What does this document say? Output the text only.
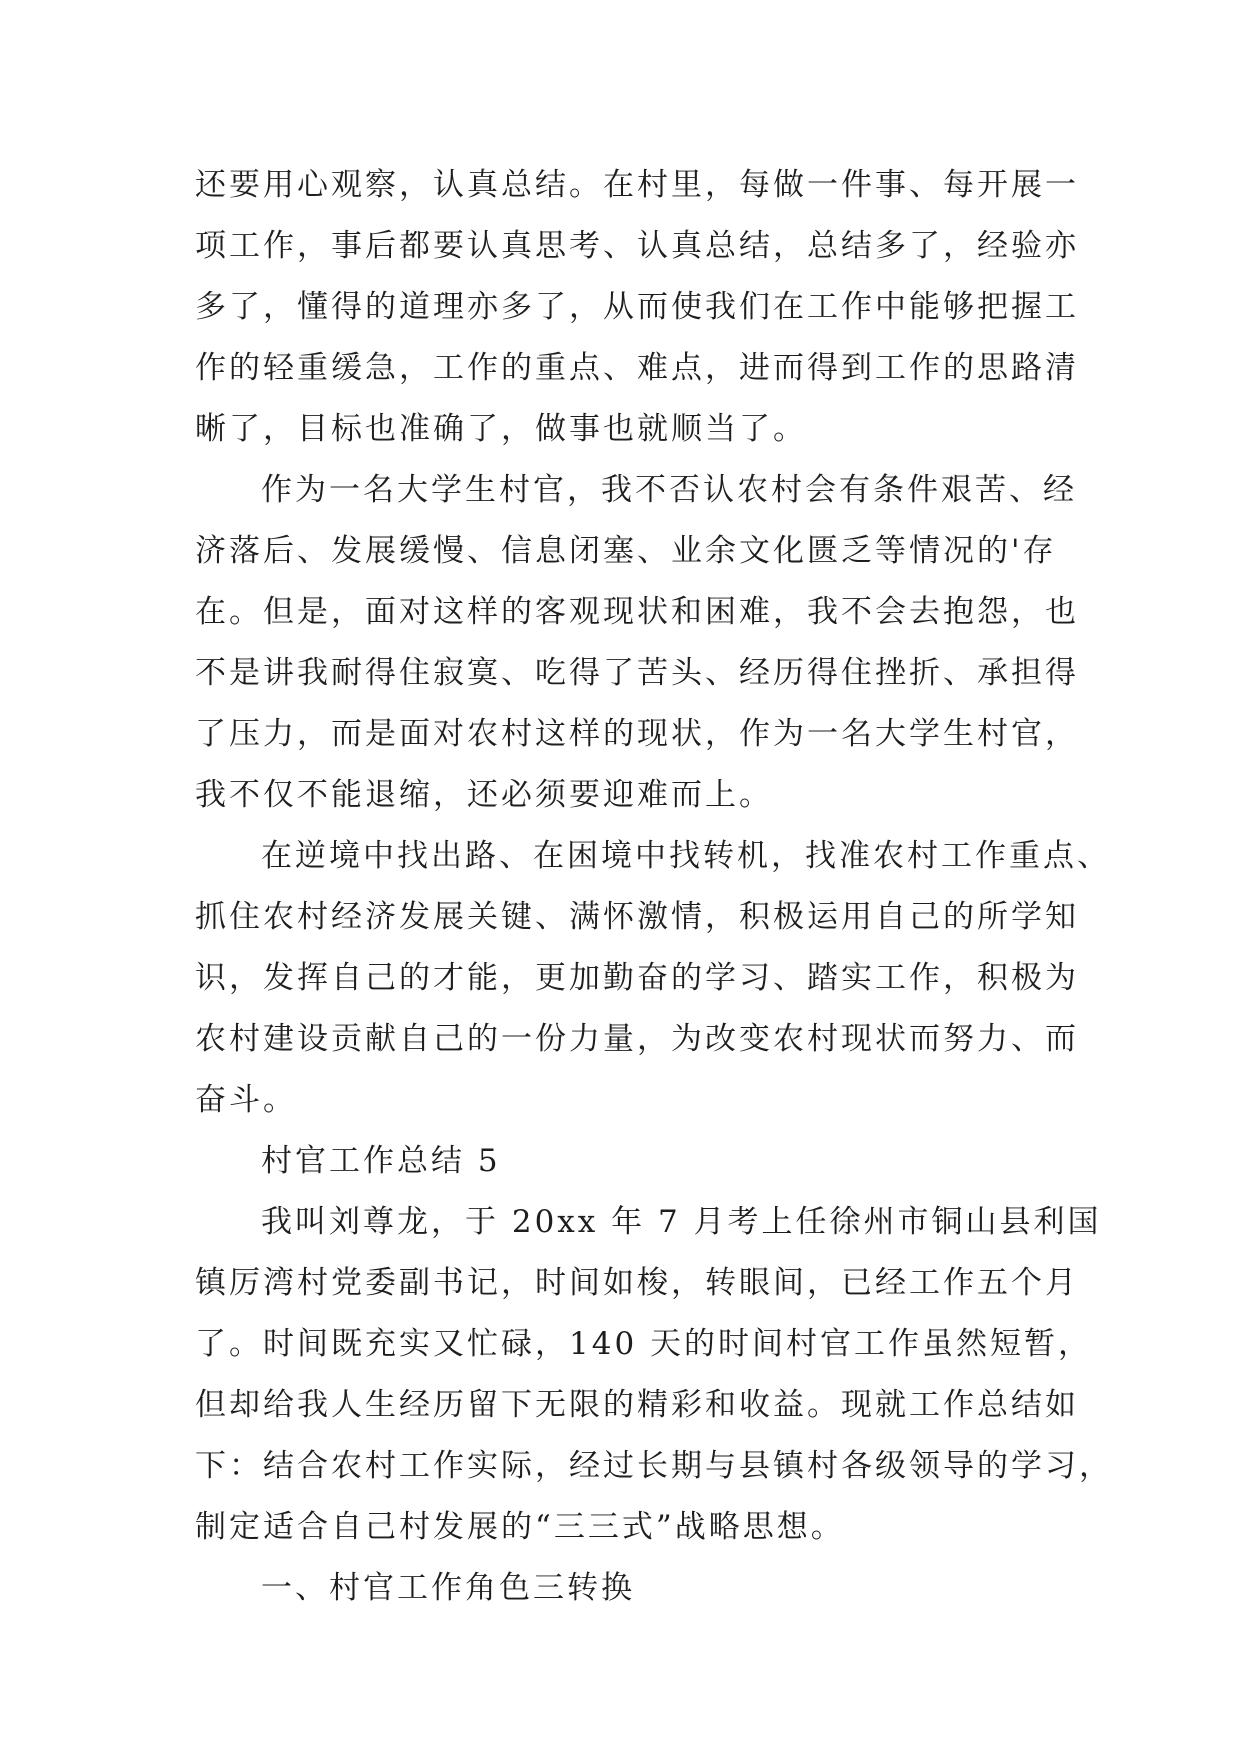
还要用心观察，认真总结。在村里，每做一件事、每开展一
项工作，事后都要认真思考、认真总结，总结多了，经验亦
多了，懂得的道理亦多了，从而使我们在工作中能够把握工
作的轻重缓急，工作的重点、难点，进而得到工作的思路清
晰了，目标也准确了，做事也就顺当了。
作为一名大学生村官，我不否认农村会有条件艰苦、经
济落后、发展缓慢、信息闭塞、业余文化匮乏等情况的'存
在。但是，面对这样的客观现状和困难，我不会去抱怨，也
不是讲我耐得住寂寞、吃得了苦头、经历得住挫折、承担得
了压力，而是面对农村这样的现状，作为一名大学生村官，
我不仅不能退缩，还必须要迎难而上。
在逆境中找出路、在困境中找转机，找准农村工作重点、
抓住农村经济发展关键、满怀激情，积极运用自己的所学知
识，发挥自己的才能，更加勤奋的学习、踏实工作，积极为
农村建设贡献自己的一份力量，为改变农村现状而努力、而
奋斗。
村官工作总结 5
我叫刘尊龙，于 20xx 年 7 月考上任徐州市铜山县利国
镇厉湾村党委副书记，时间如梭，转眼间，已经工作五个月
了。时间既充实又忙碌，140 天的时间村官工作虽然短暂，
但却给我人生经历留下无限的精彩和收益。现就工作总结如
下：结合农村工作实际，经过长期与县镇村各级领导的学习，
制定适合自己村发展的“三三式”战略思想。
一、村官工作角色三转换
